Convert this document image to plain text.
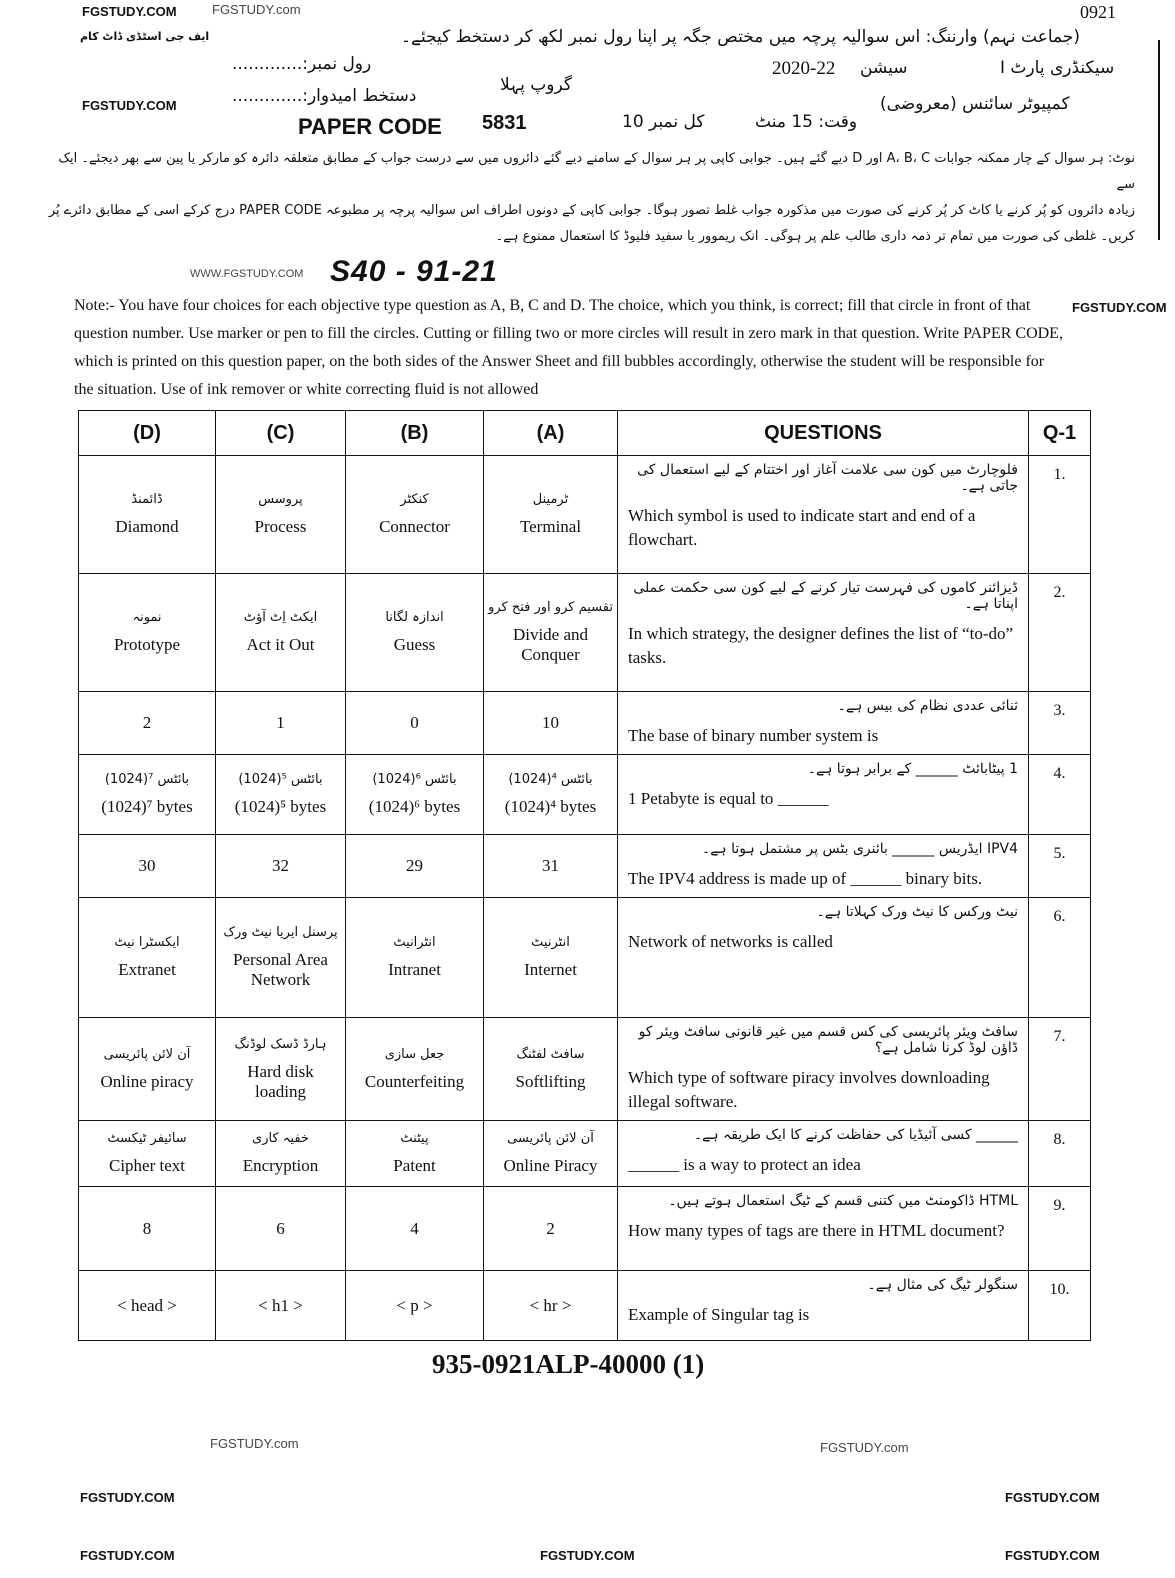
FGSTUDY.COM	FGSTUDY.com
FGSTUDY.COM
FGSTUDY.COM
FGSTUDY.com
FGSTUDY.com
FGSTUDY.COM	FGSTUDY.COM
FGSTUDY.COM	FGSTUDY.COM	FGSTUDY.COM
ایف جی اسٹڈی ڈاٹ کام
0921
(جماعت نہم) وارننگ: اس سوالیہ پرچہ میں مختص جگہ پر اپنا رول نمبر لکھ کر دستخط کیجئے۔
رول نمبر:.............
دستخط امیدوار:.............
سیکنڈری پارٹ I
سیشن
2020-22
گروپ پہلا
کمپیوٹر سائنس (معروضی)
وقت: 15 منٹ
کل نمبر 10
PAPER CODE 5831
نوٹ: ہر سوال کے چار ممکنہ جوابات A، B، C اور D دیے گئے ہیں۔ جوابی کاپی پر ہر سوال کے سامنے دیے گئے دائروں میں سے درست جواب کے مطابق متعلقہ دائرہ کو مارکر یا پین سے بھر دیجئے۔ ایک سے
زیادہ دائروں کو پُر کرنے یا کاٹ کر پُر کرنے کی صورت میں مذکورہ جواب غلط تصور ہوگا۔ جوابی کاپی کے دونوں اطراف اس سوالیہ پرچہ پر مطبوعہ PAPER CODE درج کرکے اسی کے مطابق دائرے پُر
کریں۔ غلطی کی صورت میں تمام تر ذمہ داری طالب علم پر ہوگی۔ انک ریموور یا سفید فلیوڈ کا استعمال ممنوع ہے۔
WWW.FGSTUDY.COM S40 - 91-21
Note:- You have four choices for each objective type question as A, B, C and D. The choice, which you think, is correct; fill that circle in front of that question number. Use marker or pen to fill the circles. Cutting or filling two or more circles will result in zero mark in that question. Write PAPER CODE, which is printed on this question paper, on the both sides of the Answer Sheet and fill bubbles accordingly, otherwise the student will be responsible for the situation. Use of ink remover or white correcting fluid is not allowed
(D)	(C)	(B)	(A)	QUESTIONS	Q-1

ڈائمنڈ
Diamond	پروسس
Process	کنکٹر
Connector	ٹرمینل
Terminal	فلوچارٹ میں کون سی علامت آغاز اور اختتام کے لیے استعمال کی جاتی ہے۔
Which symbol is used to indicate start and end of a flowchart.	1.

نمونہ
Prototype	ایکٹ اِٹ آؤٹ
Act it Out	اندازہ لگانا
Guess	تقسیم کرو اور فتح کرو
Divide and Conquer	ڈیزائنر کاموں کی فہرست تیار کرنے کے لیے کون سی حکمت عملی اپناتا ہے۔
In which strategy, the designer defines the list of “to-do” tasks.	2.

2	1	0	10	ثنائی عددی نظام کی بیس ہے۔
The base of binary number system is	3.

(1024)⁷ بائٹس
(1024)⁷ bytes	(1024)⁵ بائٹس
(1024)⁵ bytes	(1024)⁶ بائٹس
(1024)⁶ bytes	(1024)⁴ بائٹس
(1024)⁴ bytes	1 پیٹابائٹ ______ کے برابر ہوتا ہے۔
1 Petabyte is equal to ______	4.

30	32	29	31	IPV4 ایڈریس ______ بائنری بٹس پر مشتمل ہوتا ہے۔
The IPV4 address is made up of ______ binary bits.	5.

ایکسٹرا نیٹ
Extranet	پرسنل ایریا نیٹ ورک
Personal Area Network	انٹرانیٹ
Intranet	انٹرنیٹ
Internet	نیٹ ورکس کا نیٹ ورک کہلاتا ہے۔
Network of networks is called	6.

آن لائن پائریسی
Online piracy	ہارڈ ڈسک لوڈنگ
Hard disk loading	جعل سازی
Counterfeiting	سافٹ لفٹنگ
Softlifting	سافٹ ویئر پائریسی کی کس قسم میں غیر قانونی سافٹ ویئر کو ڈاؤن لوڈ کرنا شامل ہے؟
Which type of software piracy involves downloading illegal software.	7.

سائیفر ٹیکسٹ
Cipher text	خفیہ کاری
Encryption	پیٹنٹ
Patent	آن لائن پائریسی
Online Piracy	______ کسی آئیڈیا کی حفاظت کرنے کا ایک طریقہ ہے۔
______ is a way to protect an idea	8.

8	6	4	2	HTML ڈاکومنٹ میں کتنی قسم کے ٹیگ استعمال ہوتے ہیں۔
How many types of tags are there in HTML document?	9.

< head >	< h1 >	< p >	< hr >	سنگولر ٹیگ کی مثال ہے۔
Example of Singular tag is	10.
935-0921ALP-40000 (1)
